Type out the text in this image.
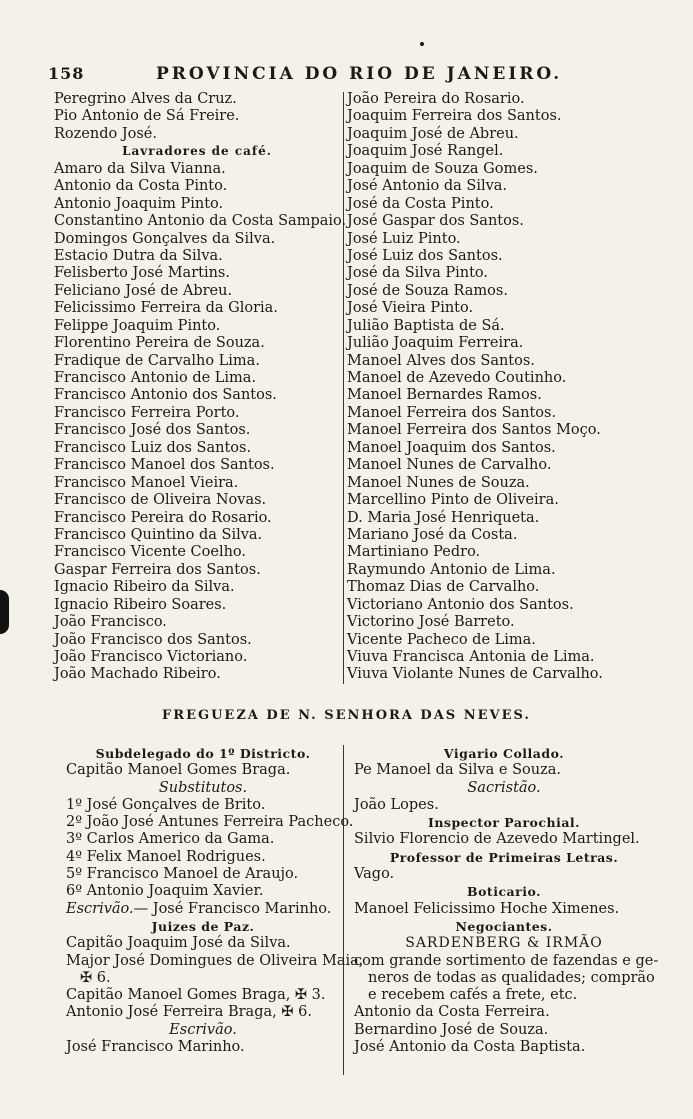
158	PROVINCIA DO RIO DE JANEIRO.
Peregrino Alves da Cruz.
Pio Antonio de Sá Freire.
Rozendo José.
Lavradores de café.
Amaro da Silva Vianna.
Antonio da Costa Pinto.
Antonio Joaquim Pinto.
Constantino Antonio da Costa Sampaio.
Domingos Gonçalves da Silva.
Estacio Dutra da Silva.
Felisberto José Martins.
Feliciano José de Abreu.
Felicissimo Ferreira da Gloria.
Felippe Joaquim Pinto.
Florentino Pereira de Souza.
Fradique de Carvalho Lima.
Francisco Antonio de Lima.
Francisco Antonio dos Santos.
Francisco Ferreira Porto.
Francisco José dos Santos.
Francisco Luiz dos Santos.
Francisco Manoel dos Santos.
Francisco Manoel Vieira.
Francisco de Oliveira Novas.
Francisco Pereira do Rosario.
Francisco Quintino da Silva.
Francisco Vicente Coelho.
Gaspar Ferreira dos Santos.
Ignacio Ribeiro da Silva.
Ignacio Ribeiro Soares.
João Francisco.
João Francisco dos Santos.
João Francisco Victoriano.
João Machado Ribeiro.
João Pereira do Rosario.
Joaquim Ferreira dos Santos.
Joaquim José de Abreu.
Joaquim José Rangel.
Joaquim de Souza Gomes.
José Antonio da Silva.
José da Costa Pinto.
José Gaspar dos Santos.
José Luiz Pinto.
José Luiz dos Santos.
José da Silva Pinto.
José de Souza Ramos.
José Vieira Pinto.
Julião Baptista de Sá.
Julião Joaquim Ferreira.
Manoel Alves dos Santos.
Manoel de Azevedo Coutinho.
Manoel Bernardes Ramos.
Manoel Ferreira dos Santos.
Manoel Ferreira dos Santos Moço.
Manoel Joaquim dos Santos.
Manoel Nunes de Carvalho.
Manoel Nunes de Souza.
Marcellino Pinto de Oliveira.
D. Maria José Henriqueta.
Mariano José da Costa.
Martiniano Pedro.
Raymundo Antonio de Lima.
Thomaz Dias de Carvalho.
Victoriano Antonio dos Santos.
Victorino José Barreto.
Vicente Pacheco de Lima.
Viuva Francisca Antonia de Lima.
Viuva Violante Nunes de Carvalho.
FREGUEZA DE N. SENHORA DAS NEVES.
Subdelegado do 1º Districto.
Capitão Manoel Gomes Braga.
Substitutos.
1º José Gonçalves de Brito.
2º João José Antunes Ferreira Pacheco.
3º Carlos Americo da Gama.
4º Felix Manoel Rodrigues.
5º Francisco Manoel de Araujo.
6º Antonio Joaquim Xavier.
Escrivão.— José Francisco Marinho.
Juizes de Paz.
Capitão Joaquim José da Silva.
Major José Domingues de Oliveira Maia,
✠ 6.
Capitão Manoel Gomes Braga, ✠ 3.
Antonio José Ferreira Braga, ✠ 6.
Escrivão.
José Francisco Marinho.
Vigario Collado.
Pe Manoel da Silva e Souza.
Sacristão.
João Lopes.
Inspector Parochial.
Silvio Florencio de Azevedo Martingel.
Professor de Primeiras Letras.
Vago.
Boticario.
Manoel Felicissimo Hoche Ximenes.
Negociantes.
SARDENBERG & IRMÃO
com grande sortimento de fazendas e ge-
neros de todas as qualidades; comprão
e recebem cafés a frete, etc.
Antonio da Costa Ferreira.
Bernardino José de Souza.
José Antonio da Costa Baptista.
